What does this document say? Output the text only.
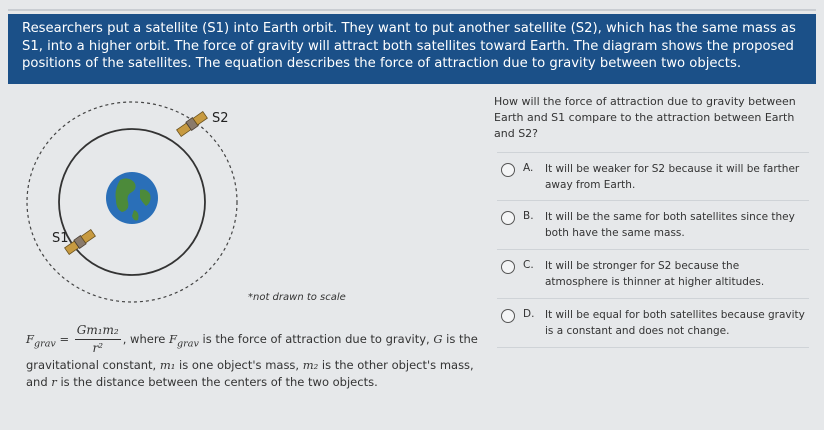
Researchers put a satellite (S1) into Earth orbit. They want to put another satellite (S2), which has the same mass as S1, into a higher orbit. The force of gravity will attract both satellites toward Earth. The diagram shows the proposed positions of the satellites. The equation describes the force of attraction due to gravity between two objects.
S2
S1
*not drawn to scale
$F_{grav} = \frac{\text{Gm₁m₂}}{\text{r²}}$ , where $F_{grav}$ is the force of attraction due to gravity, G is the gravitational constant, m₁ is one object's mass, m₂ is the other object's mass, and r is the distance between the centers of the two objects.
How will the force of attraction due to gravity between Earth and S1 compare to the attraction between Earth and S2?
A.	It will be weaker for S2 because it will be farther away from Earth.
B.	It will be the same for both satellites since they both have the same mass.
C.	It will be stronger for S2 because the atmosphere is thinner at higher altitudes.
D.	It will be equal for both satellites because gravity is a constant and does not change.
